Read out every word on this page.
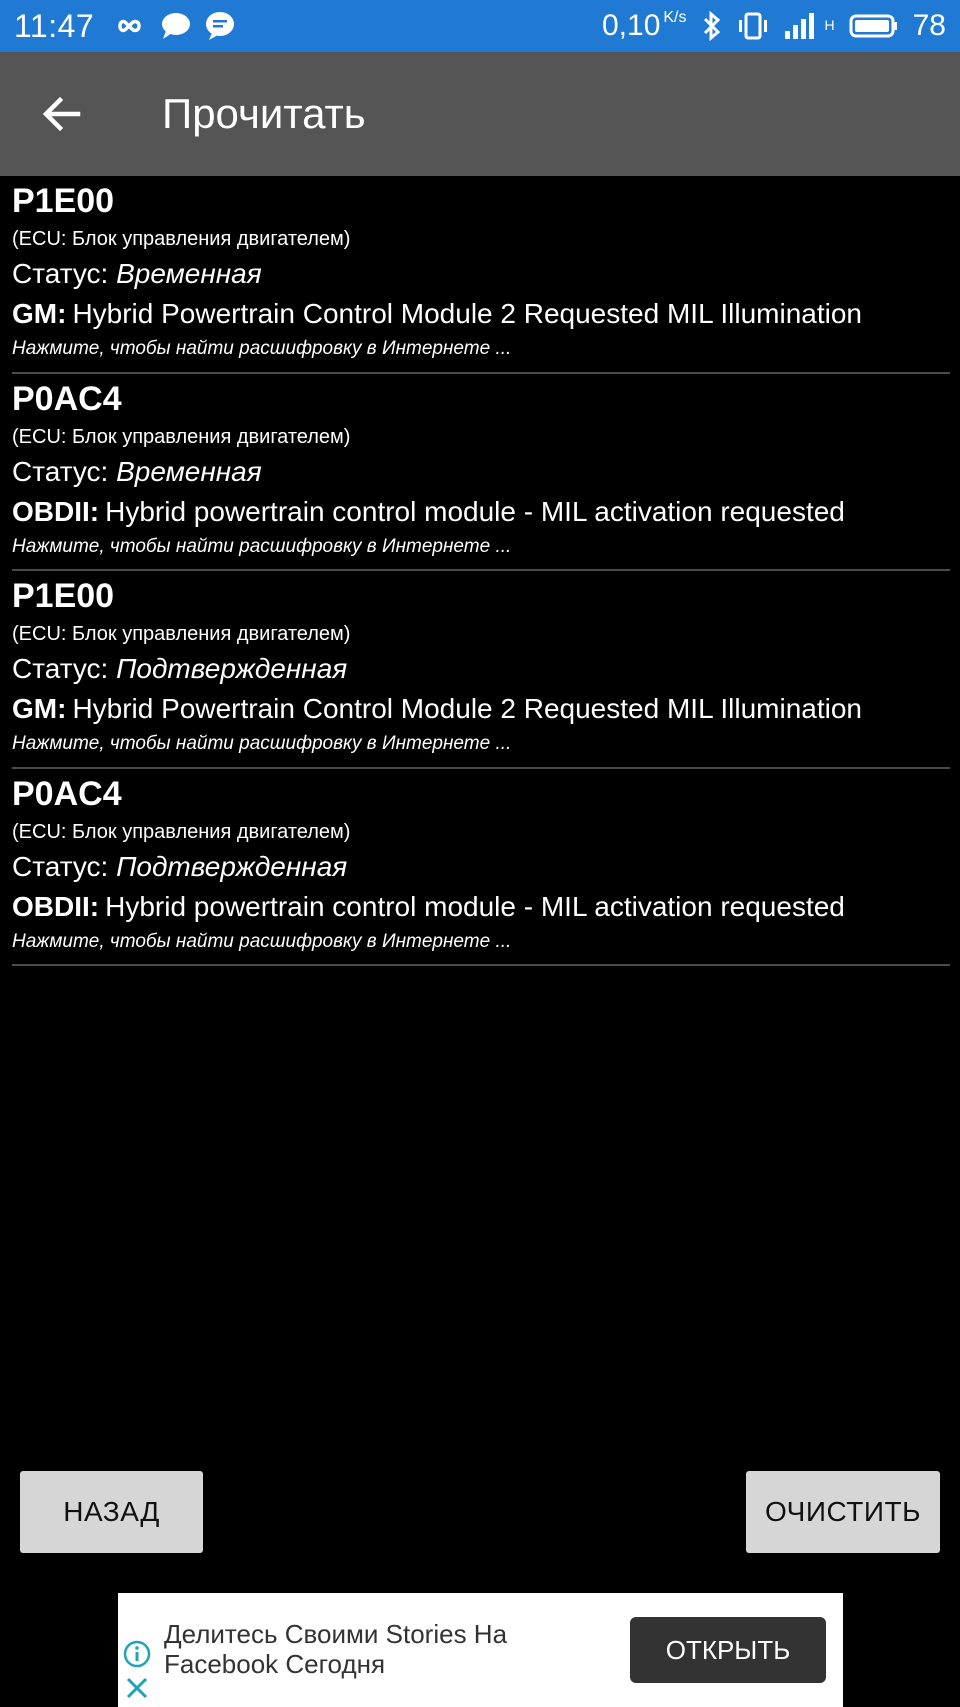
11:47	0,10 $^{K/s}$	H	78
Прочитать
P1E00
(ECU: Блок управления двигателем)
Статус: Временная
GM: Hybrid Powertrain Control Module 2 Requested MIL Illumination
Нажмите, чтобы найти расшифровку в Интернете ...
P0AC4
(ECU: Блок управления двигателем)
Статус: Временная
OBDII: Hybrid powertrain control module - MIL activation requested
Нажмите, чтобы найти расшифровку в Интернете ...
P1E00
(ECU: Блок управления двигателем)
Статус: Подтвержденная
GM: Hybrid Powertrain Control Module 2 Requested MIL Illumination
Нажмите, чтобы найти расшифровку в Интернете ...
P0AC4
(ECU: Блок управления двигателем)
Статус: Подтвержденная
OBDII: Hybrid powertrain control module - MIL activation requested
Нажмите, чтобы найти расшифровку в Интернете ...
НАЗАД	ОЧИСТИТЬ
Делитесь Своими Stories На Facebook Сегодня	ОТКРЫТЬ
